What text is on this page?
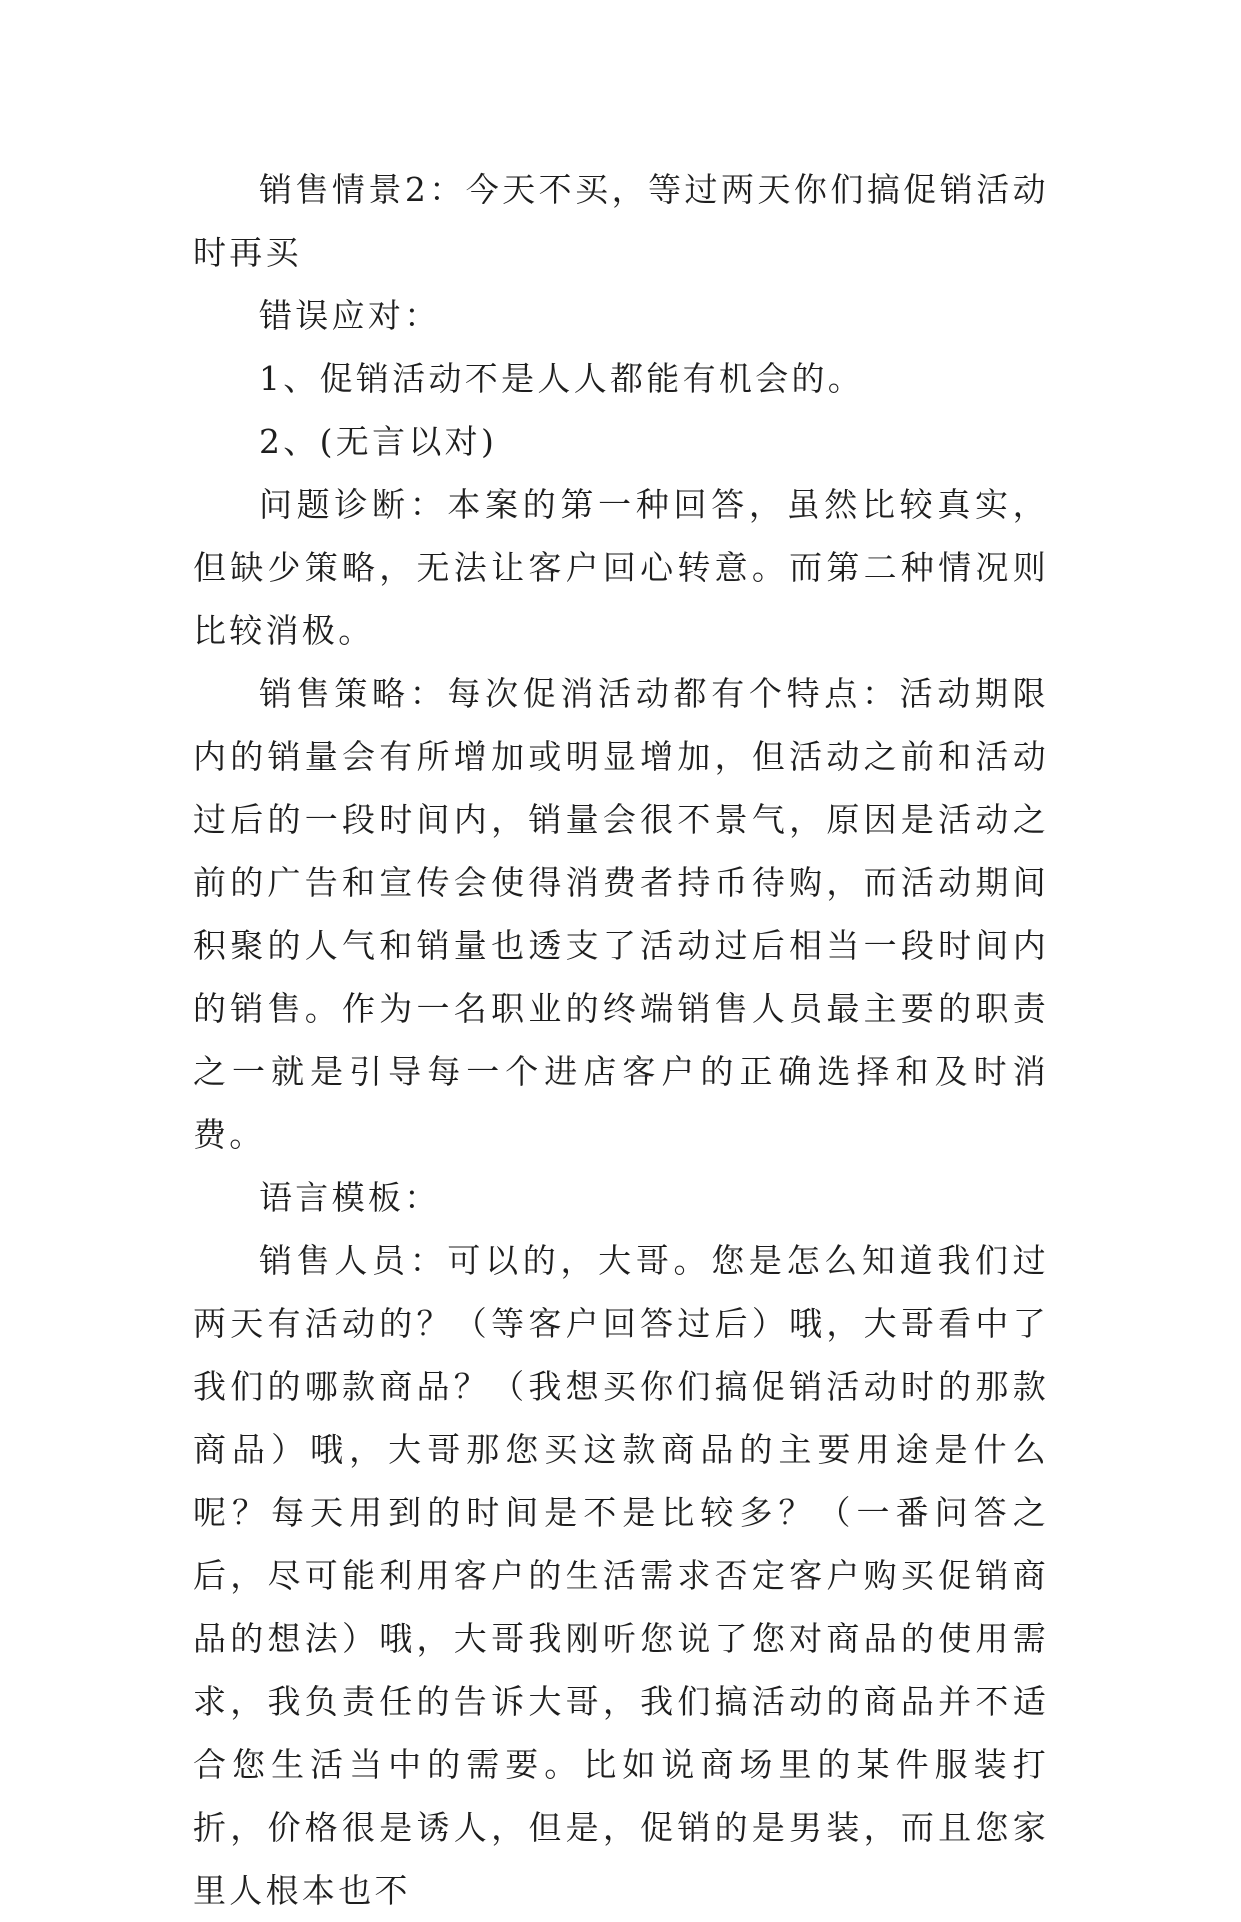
销售情景2：今天不买，等过两天你们搞促销活动时再买

错误应对：

1、促销活动不是人人都能有机会的。

2、(无言以对)

问题诊断：本案的第一种回答，虽然比较真实，但缺少策略，无法让客户回心转意。而第二种情况则比较消极。

销售策略：每次促消活动都有个特点：活动期限内的销量会有所增加或明显增加，但活动之前和活动过后的一段时间内，销量会很不景气，原因是活动之前的广告和宣传会使得消费者持币待购，而活动期间积聚的人气和销量也透支了活动过后相当一段时间内的销售。作为一名职业的终端销售人员最主要的职责之一就是引导每一个进店客户的正确选择和及时消费。

语言模板：

销售人员：可以的，大哥。您是怎么知道我们过两天有活动的？（等客户回答过后）哦，大哥看中了我们的哪款商品？（我想买你们搞促销活动时的那款商品）哦，大哥那您买这款商品的主要用途是什么呢？每天用到的时间是不是比较多？（一番问答之后，尽可能利用客户的生活需求否定客户购买促销商品的想法）哦，大哥我刚听您说了您对商品的使用需求，我负责任的告诉大哥，我们搞活动的商品并不适合您生活当中的需要。比如说商场里的某件服装打折，价格很是诱人，但是，促销的是男装，而且您家里人根本也不
